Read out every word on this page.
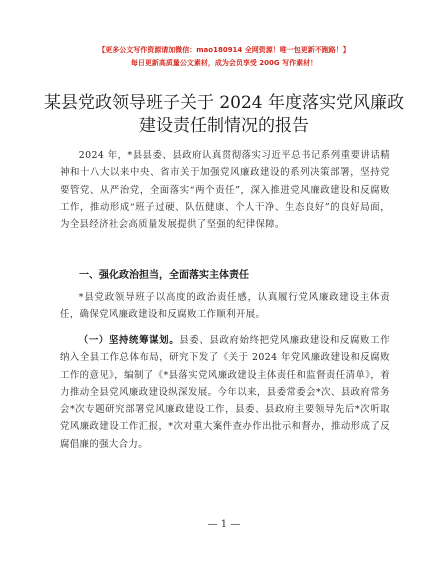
【更多公文写作资源请加微信：mao180914 全网资源！唯一包更新不跑路！】
每日更新高质量公文素材，成为会员享受 200G 写作素材！
某县党政领导班子关于 2024 年度落实党风廉政建设责任制情况的报告

2024 年，*县县委、县政府认真贯彻落实习近平总书记系列重要讲话精神和十八大以来中央、省市关于加强党风廉政建设的系列决策部署，坚持党要管党、从严治党，全面落实“两个责任”，深入推进党风廉政建设和反腐败工作，推动形成“班子过硬、队伍健康、个人干净、生态良好”的良好局面，为全县经济社会高质量发展提供了坚强的纪律保障。

一、强化政治担当，全面落实主体责任

*县党政领导班子以高度的政治责任感，认真履行党风廉政建设主体责任，确保党风廉政建设和反腐败工作顺利开展。

（一）坚持统筹谋划。县委、县政府始终把党风廉政建设和反腐败工作纳入全县工作总体布局，研究下发了《关于 2024 年党风廉政建设和反腐败工作的意见》，编制了《*县落实党风廉政建设主体责任和监督责任清单》，着力推动全县党风廉政建设纵深发展。今年以来，县委常委会*次、县政府常务会*次专题研究部署党风廉政建设工作，县委、县政府主要领导先后*次听取党风廉政建设工作汇报，*次对重大案件查办作出批示和督办，推动形成了反腐倡廉的强大合力。

— 1 —
